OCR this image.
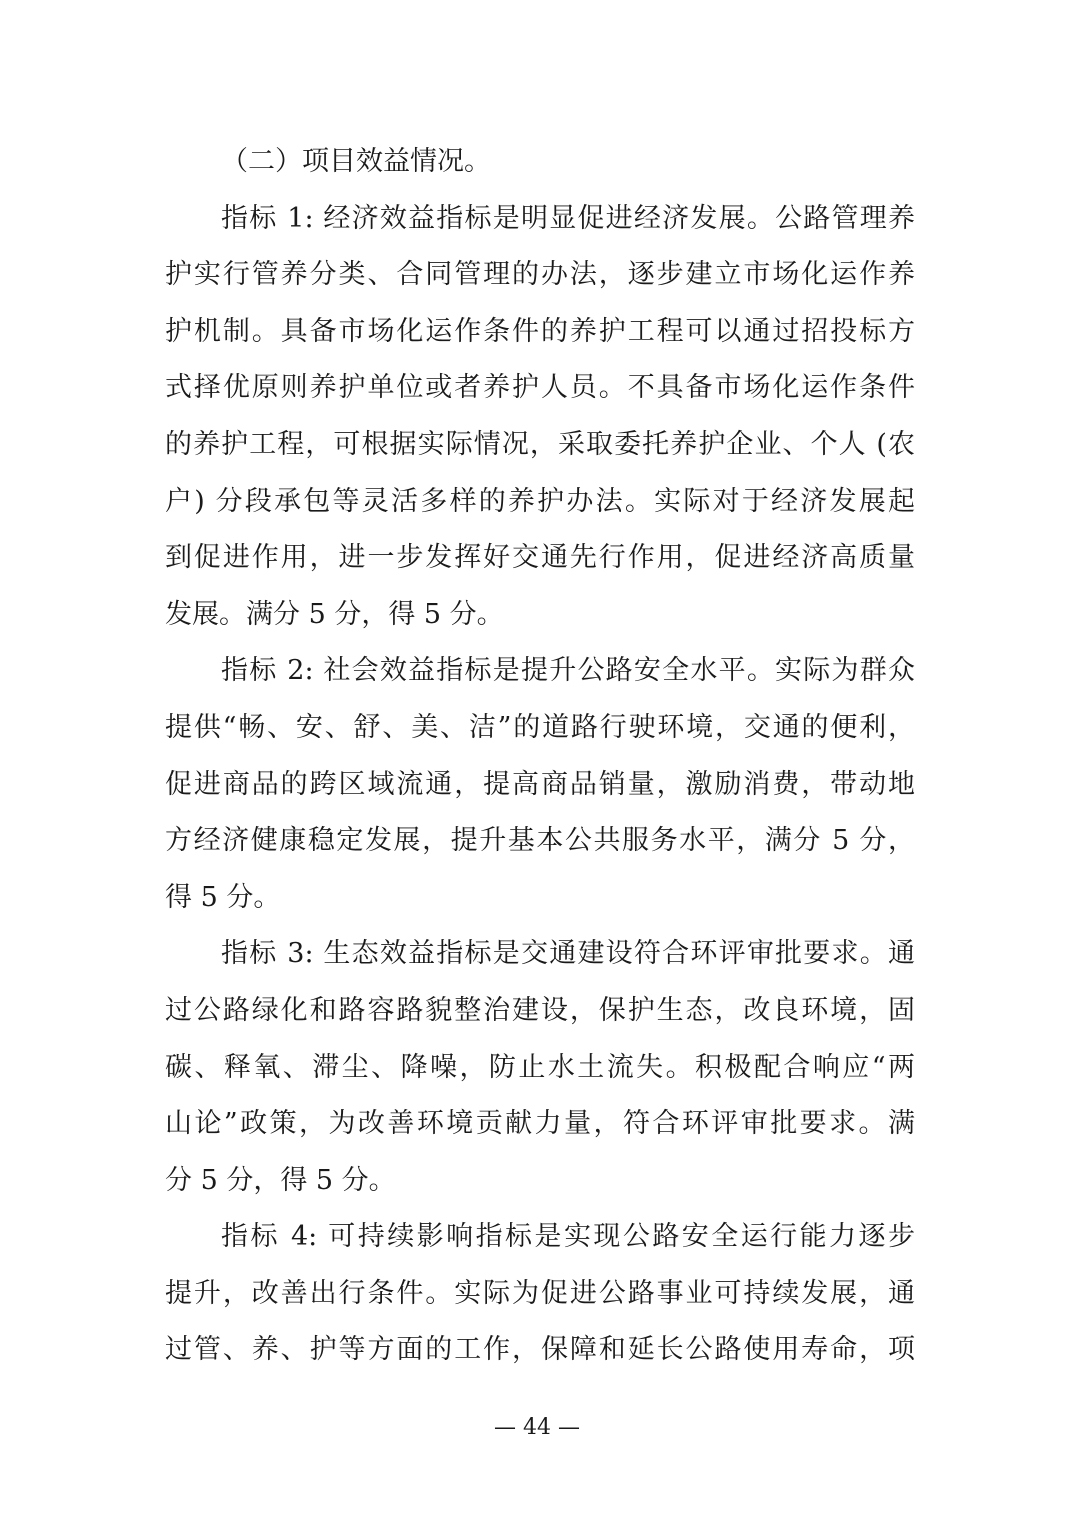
（二）项目效益情况。
指标 1: 经济效益指标是明显促进经济发展。公路管理养
护实行管养分类、合同管理的办法，逐步建立市场化运作养
护机制。具备市场化运作条件的养护工程可以通过招投标方
式择优原则养护单位或者养护人员。不具备市场化运作条件
的养护工程，可根据实际情况，采取委托养护企业、个人 (农
户) 分段承包等灵活多样的养护办法。实际对于经济发展起
到促进作用，进一步发挥好交通先行作用，促进经济高质量
发展。满分 5 分，得 5 分。
指标 2: 社会效益指标是提升公路安全水平。实际为群众
提供“畅、安、舒、美、洁”的道路行驶环境，交通的便利，
促进商品的跨区域流通，提高商品销量，激励消费，带动地
方经济健康稳定发展，提升基本公共服务水平，满分 5 分，
得 5 分。
指标 3: 生态效益指标是交通建设符合环评审批要求。通
过公路绿化和路容路貌整治建设，保护生态，改良环境，固
碳、释氧、滞尘、降噪，防止水土流失。积极配合响应“两
山论”政策，为改善环境贡献力量，符合环评审批要求。满
分 5 分，得 5 分。
指标 4: 可持续影响指标是实现公路安全运行能力逐步
提升，改善出行条件。实际为促进公路事业可持续发展，通
过管、养、护等方面的工作，保障和延长公路使用寿命，项
— 44 —
